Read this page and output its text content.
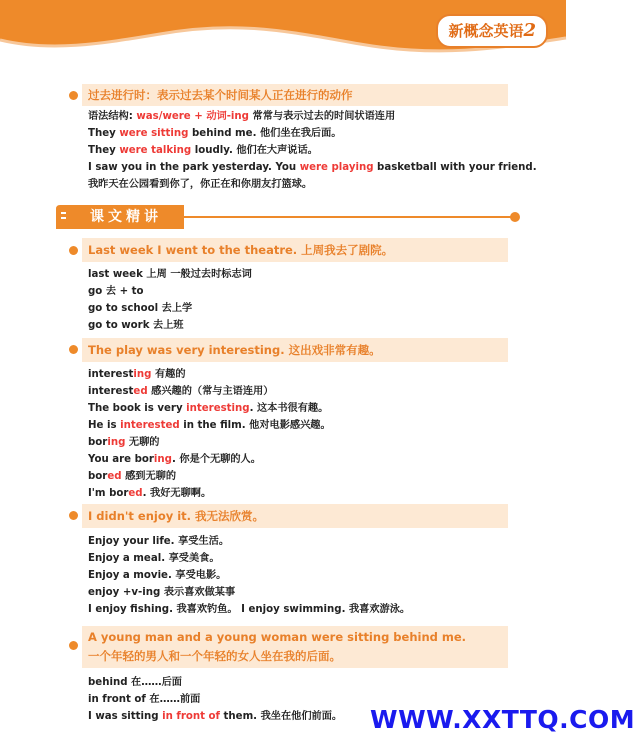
新概念英语2
过去进行时：表示过去某个时间某人正在进行的动作
语法结构: was/were + 动词-ing 常常与表示过去的时间状语连用
They were sitting behind me. 他们坐在我后面。
They were talking loudly. 他们在大声说话。
I saw you in the park yesterday. You were playing basketball with your friend.
我昨天在公园看到你了，你正在和你朋友打篮球。
课文精讲
Last week I went to the theatre. 上周我去了剧院。
last week 上周 一般过去时标志词
go 去 + to
go to school 去上学
go to work 去上班
The play was very interesting. 这出戏非常有趣。
interesting 有趣的
interested 感兴趣的（常与主语连用）
The book is very interesting. 这本书很有趣。
He is interested in the film. 他对电影感兴趣。
boring 无聊的
You are boring. 你是个无聊的人。
bored 感到无聊的
I'm bored. 我好无聊啊。
I didn't enjoy it. 我无法欣赏。
Enjoy your life. 享受生活。
Enjoy a meal. 享受美食。
Enjoy a movie. 享受电影。
enjoy +v-ing 表示喜欢做某事
I enjoy fishing. 我喜欢钓鱼。 I enjoy swimming. 我喜欢游泳。
A young man and a young woman were sitting behind me.
一个年轻的男人和一个年轻的女人坐在我的后面。
behind 在……后面
in front of 在……前面
I was sitting in front of them. 我坐在他们前面。 WWW.XXTTQ.COM
